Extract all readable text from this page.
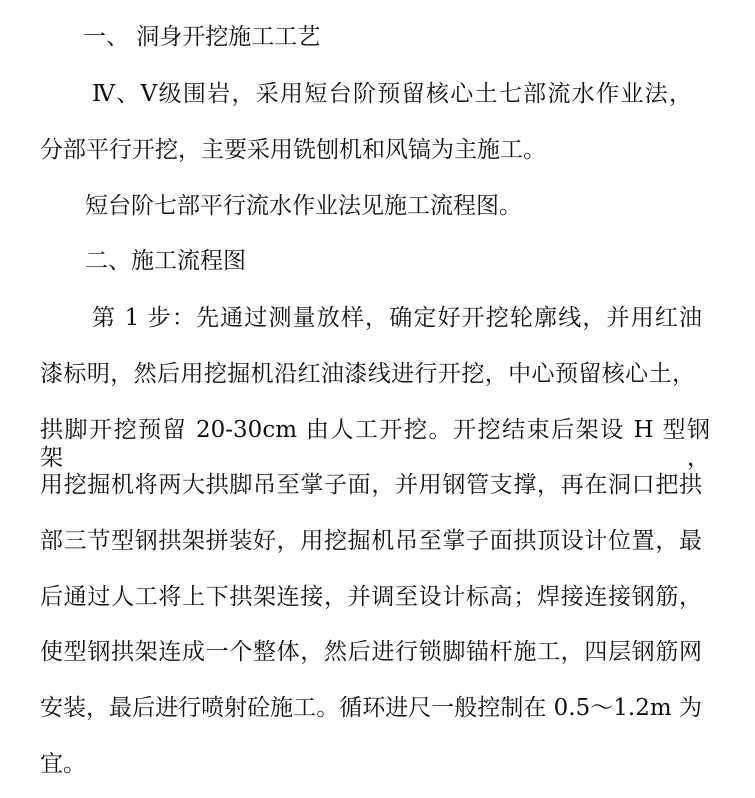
一、 洞身开挖施工工艺
Ⅳ、Ⅴ级围岩，采用短台阶预留核心土七部流水作业法，
分部平行开挖，主要采用铣刨机和风镐为主施工。
短台阶七部平行流水作业法见施工流程图。
二、施工流程图
第 1 步：先通过测量放样，确定好开挖轮廓线，并用红油
漆标明，然后用挖掘机沿红油漆线进行开挖，中心预留核心土，
拱脚开挖预留 20-30cm 由人工开挖。开挖结束后架设 H 型钢架，
用挖掘机将两大拱脚吊至掌子面，并用钢管支撑，再在洞口把拱
部三节型钢拱架拼装好，用挖掘机吊至掌子面拱顶设计位置，最
后通过人工将上下拱架连接，并调至设计标高；焊接连接钢筋，
使型钢拱架连成一个整体，然后进行锁脚锚杆施工，四层钢筋网
安装，最后进行喷射砼施工。循环进尺一般控制在 0.5～1.2m 为
宜。
